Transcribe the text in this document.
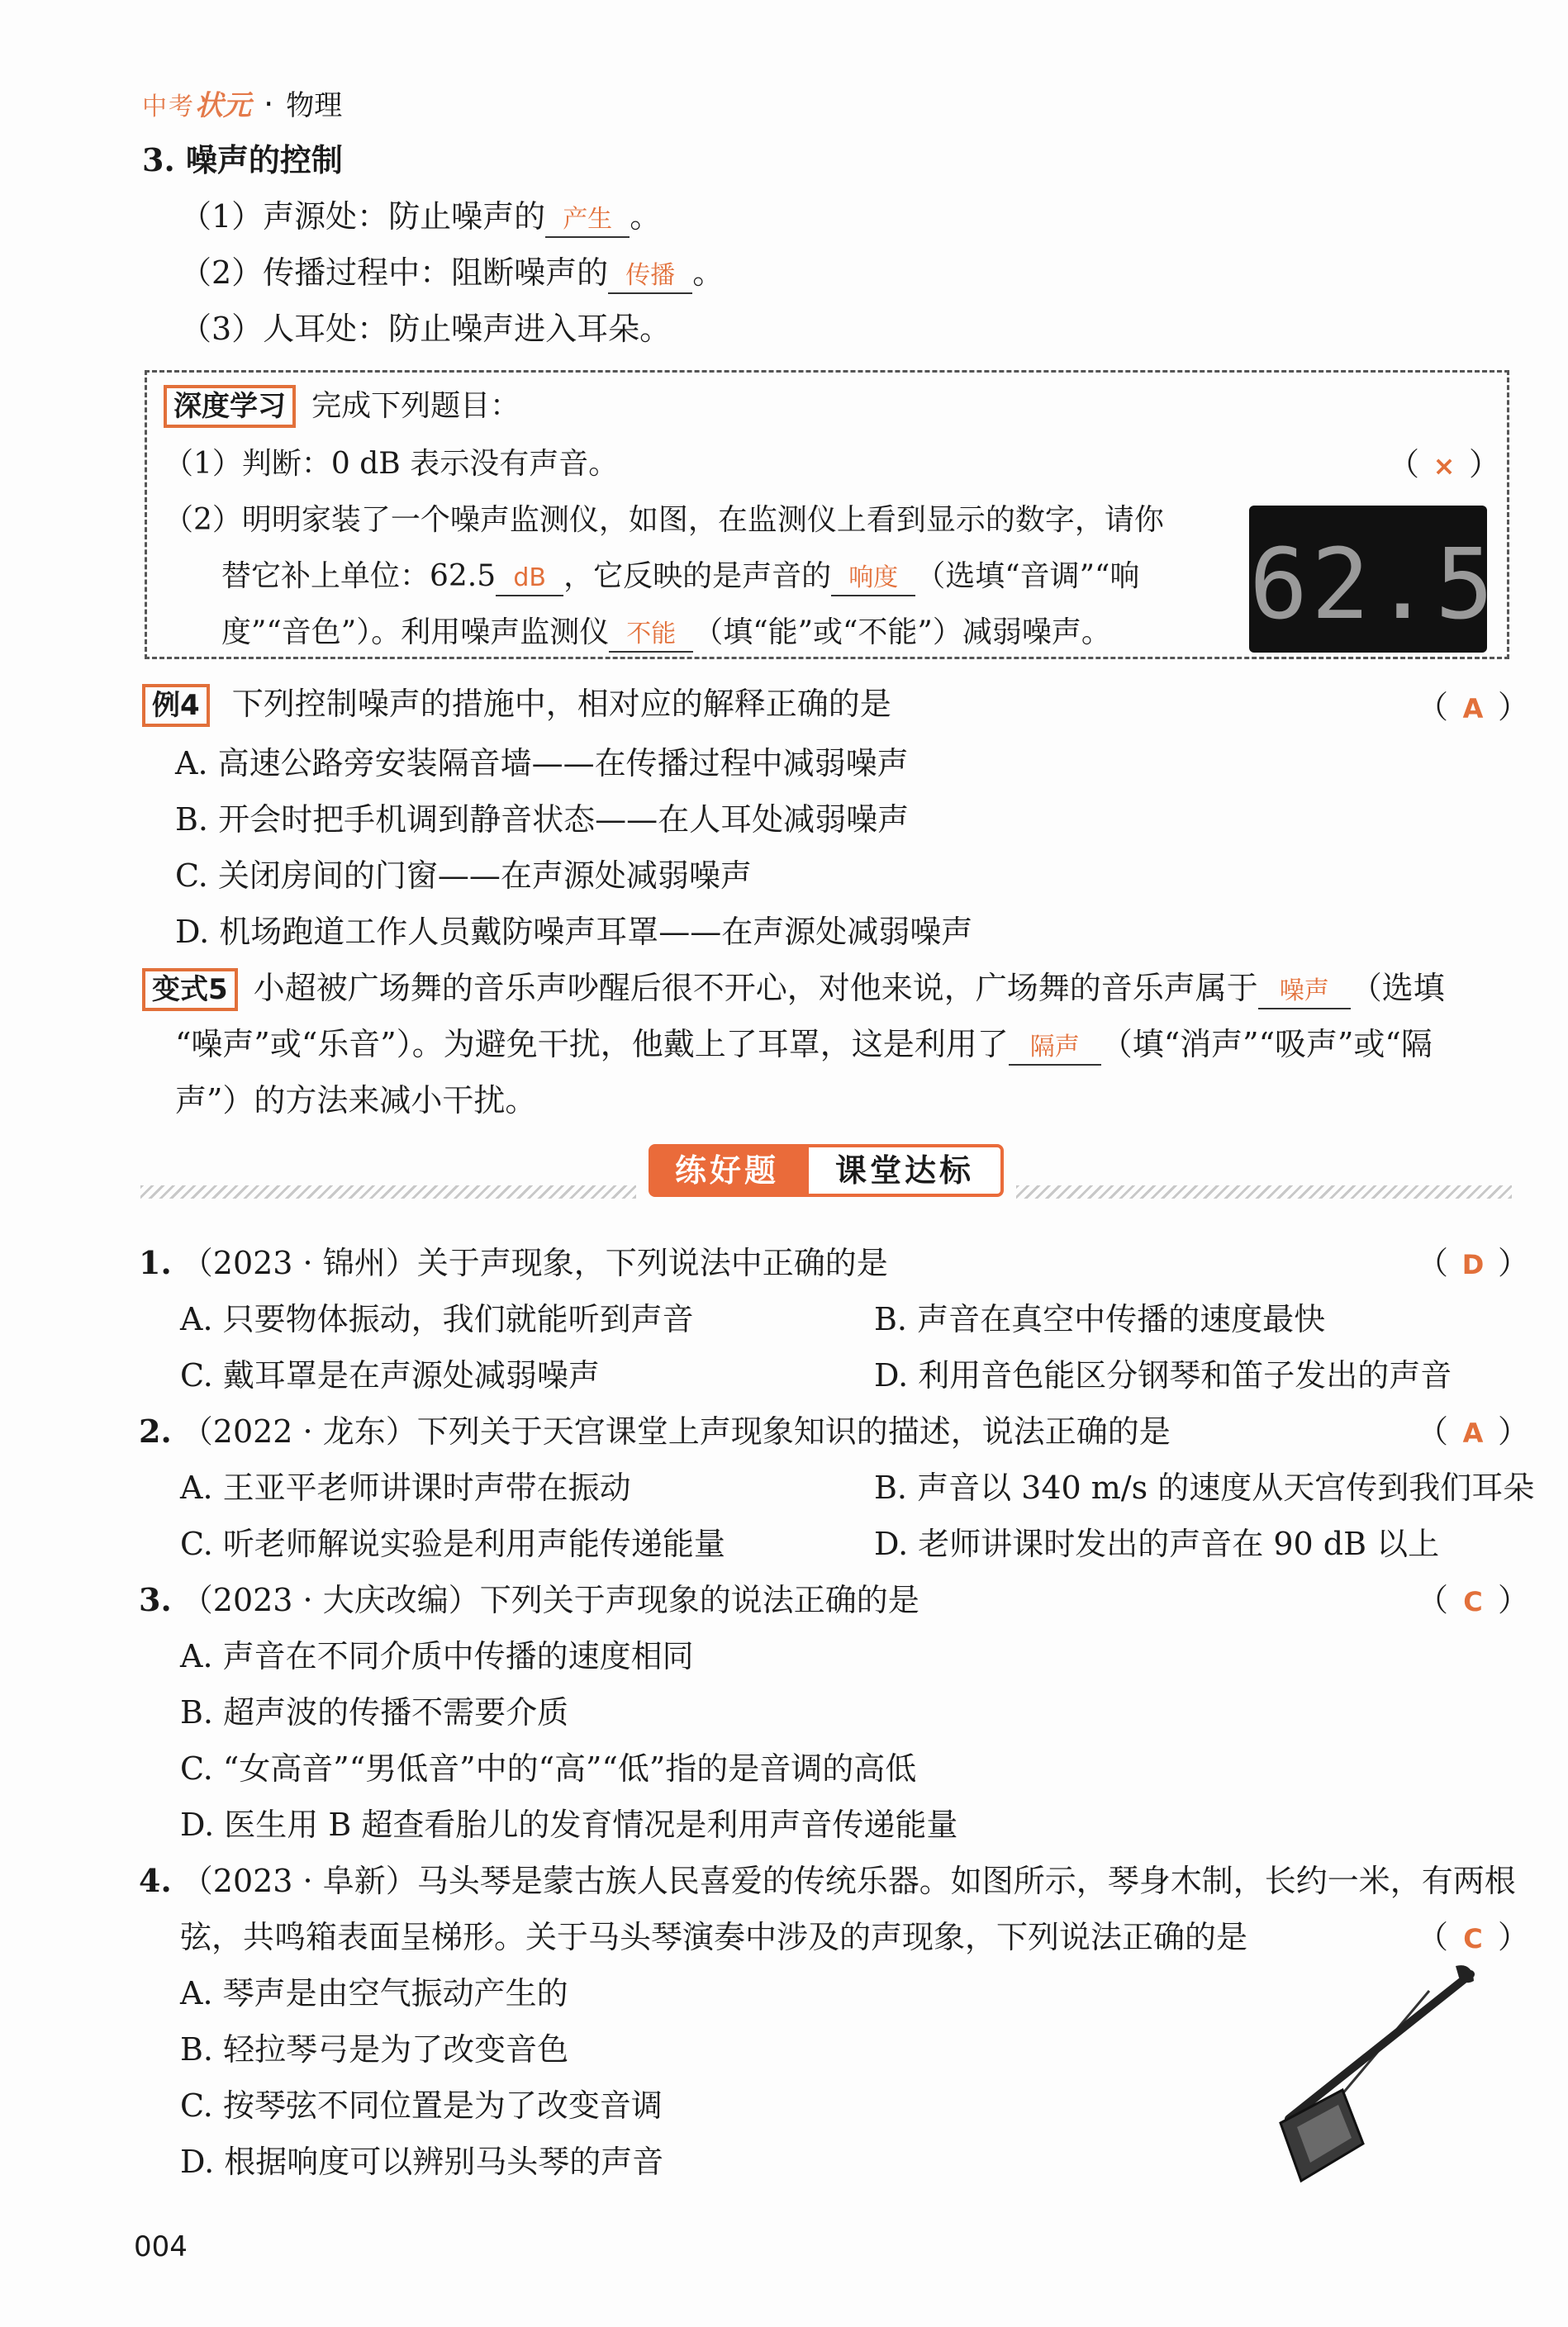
中考状元 · 物理
3. 噪声的控制
（1）声源处：防止噪声的 产生 。
（2）传播过程中：阻断噪声的 传播 。
（3）人耳处：防止噪声进入耳朵。
深度学习 完成下列题目：
（1）判断：0 dB 表示没有声音。	（ × ）
（2）明明家装了一个噪声监测仪，如图，在监测仪上看到显示的数字，请你
替它补上单位：62.5 dB ，它反映的是声音的 响度 （选填“音调”“响
度”“音色”）。利用噪声监测仪 不能 （填“能”或“不能”）减弱噪声。 62.5
例4 下列控制噪声的措施中，相对应的解释正确的是	（ A ）
A. 高速公路旁安装隔音墙——在传播过程中减弱噪声
B. 开会时把手机调到静音状态——在人耳处减弱噪声
C. 关闭房间的门窗——在声源处减弱噪声
D. 机场跑道工作人员戴防噪声耳罩——在声源处减弱噪声
变式5 小超被广场舞的音乐声吵醒后很不开心，对他来说，广场舞的音乐声属于 噪声 （选填
“噪声”或“乐音”）。为避免干扰，他戴上了耳罩，这是利用了 隔声 （填“消声”“吸声”或“隔
声”）的方法来减小干扰。
练好题	课堂达标
1. （2023 · 锦州）关于声现象，下列说法中正确的是	（ D ）
A. 只要物体振动，我们就能听到声音	B. 声音在真空中传播的速度最快
C. 戴耳罩是在声源处减弱噪声	D. 利用音色能区分钢琴和笛子发出的声音
2. （2022 · 龙东）下列关于天宫课堂上声现象知识的描述，说法正确的是	（ A ）
A. 王亚平老师讲课时声带在振动	B. 声音以 340 m/s 的速度从天宫传到我们耳朵
C. 听老师解说实验是利用声能传递能量	D. 老师讲课时发出的声音在 90 dB 以上
3. （2023 · 大庆改编）下列关于声现象的说法正确的是	（ C ）
A. 声音在不同介质中传播的速度相同
B. 超声波的传播不需要介质
C. “女高音”“男低音”中的“高”“低”指的是音调的高低
D. 医生用 B 超查看胎儿的发育情况是利用声音传递能量
4. （2023 · 阜新）马头琴是蒙古族人民喜爱的传统乐器。如图所示，琴身木制，长约一米，有两根
弦，共鸣箱表面呈梯形。关于马头琴演奏中涉及的声现象，下列说法正确的是	（ C ）
A. 琴声是由空气振动产生的
B. 轻拉琴弓是为了改变音色
C. 按琴弦不同位置是为了改变音调
D. 根据响度可以辨别马头琴的声音
004
